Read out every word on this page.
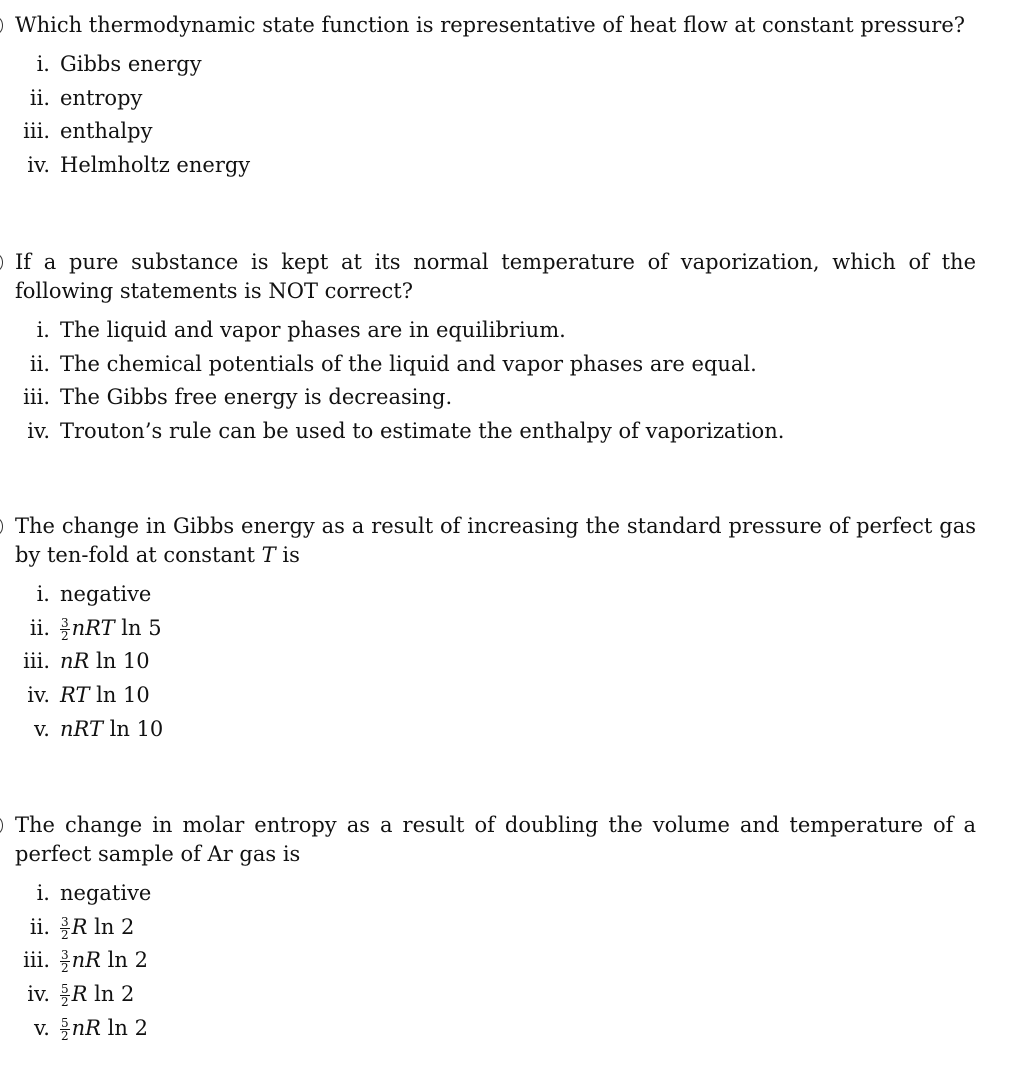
Which thermodynamic state function is representative of heat flow at constant pressure?
i. Gibbs energy
ii. entropy
iii. enthalpy
iv. Helmholtz energy
If a pure substance is kept at its normal temperature of vaporization, which of the following statements is NOT correct?
i. The liquid and vapor phases are in equilibrium.
ii. The chemical potentials of the liquid and vapor phases are equal.
iii. The Gibbs free energy is decreasing.
iv. Trouton’s rule can be used to estimate the enthalpy of vaporization.
The change in Gibbs energy as a result of increasing the standard pressure of perfect gas by ten-fold at constant T is
i. negative
ii. $\frac{3}{2}$ nRT ln 5
iii. nR ln 10
iv. RT ln 10
v. nRT ln 10
The change in molar entropy as a result of doubling the volume and temperature of a perfect sample of Ar gas is
i. negative
ii. $\frac{3}{2}$ R ln 2
iii. $\frac{3}{2}$ nR ln 2
iv. $\frac{5}{2}$ R ln 2
v. $\frac{5}{2}$ nR ln 2
